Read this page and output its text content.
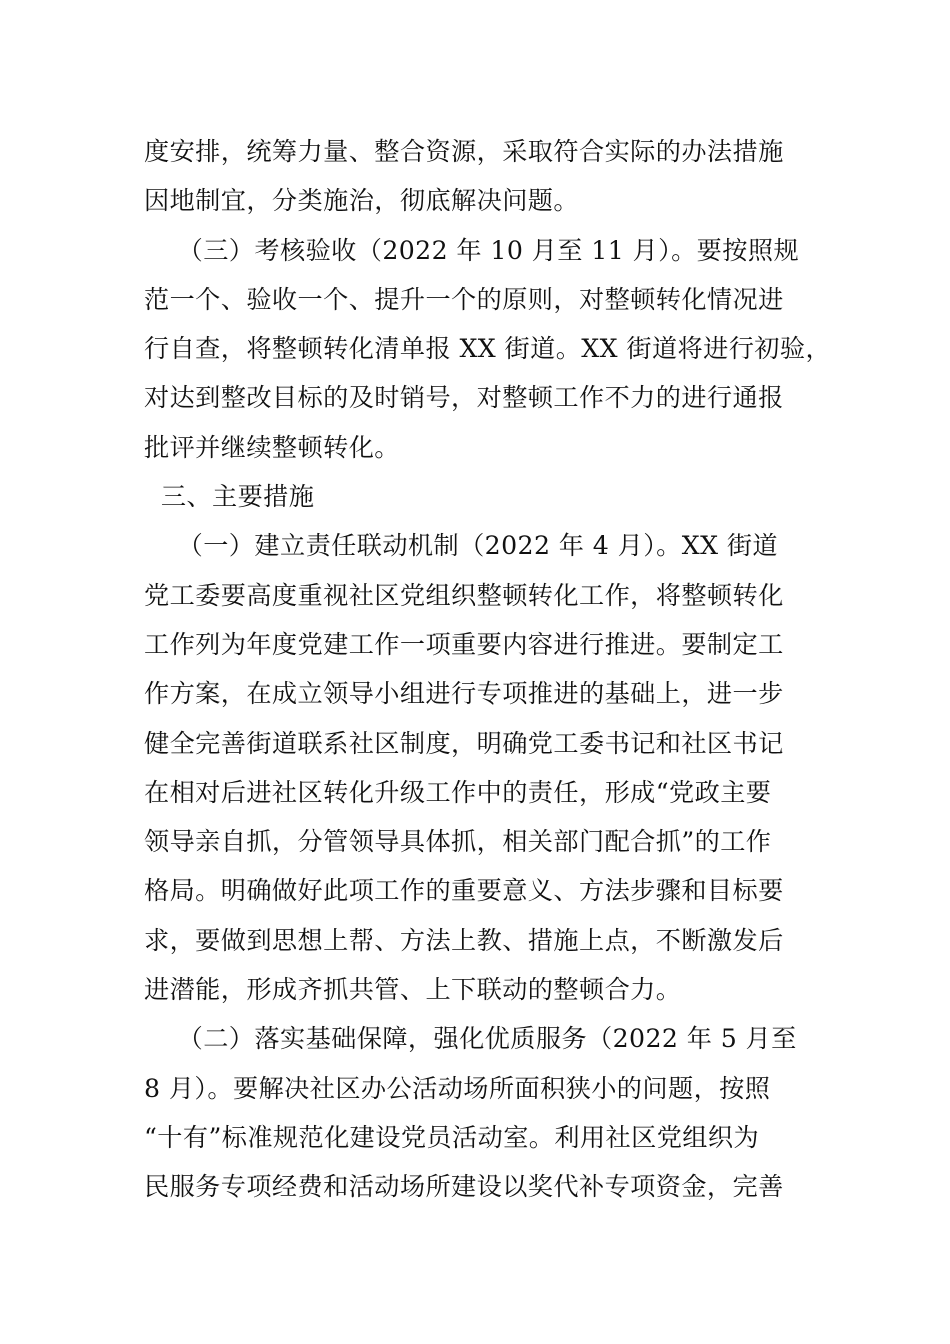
度安排，统筹力量、整合资源，采取符合实际的办法措施
因地制宜，分类施治，彻底解决问题。
（三）考核验收（2022 年 10 月至 11 月）。要按照规
范一个、验收一个、提升一个的原则，对整顿转化情况进
行自查，将整顿转化清单报 XX 街道。XX 街道将进行初验，
对达到整改目标的及时销号，对整顿工作不力的进行通报
批评并继续整顿转化。
三、主要措施
（一）建立责任联动机制（2022 年 4 月）。XX 街道
党工委要高度重视社区党组织整顿转化工作，将整顿转化
工作列为年度党建工作一项重要内容进行推进。要制定工
作方案，在成立领导小组进行专项推进的基础上，进一步
健全完善街道联系社区制度，明确党工委书记和社区书记
在相对后进社区转化升级工作中的责任，形成“党政主要
领导亲自抓，分管领导具体抓，相关部门配合抓”的工作
格局。明确做好此项工作的重要意义、方法步骤和目标要
求，要做到思想上帮、方法上教、措施上点，不断激发后
进潜能，形成齐抓共管、上下联动的整顿合力。
（二）落实基础保障，强化优质服务（2022 年 5 月至
8 月）。要解决社区办公活动场所面积狭小的问题，按照
“十有”标准规范化建设党员活动室。利用社区党组织为
民服务专项经费和活动场所建设以奖代补专项资金，完善
